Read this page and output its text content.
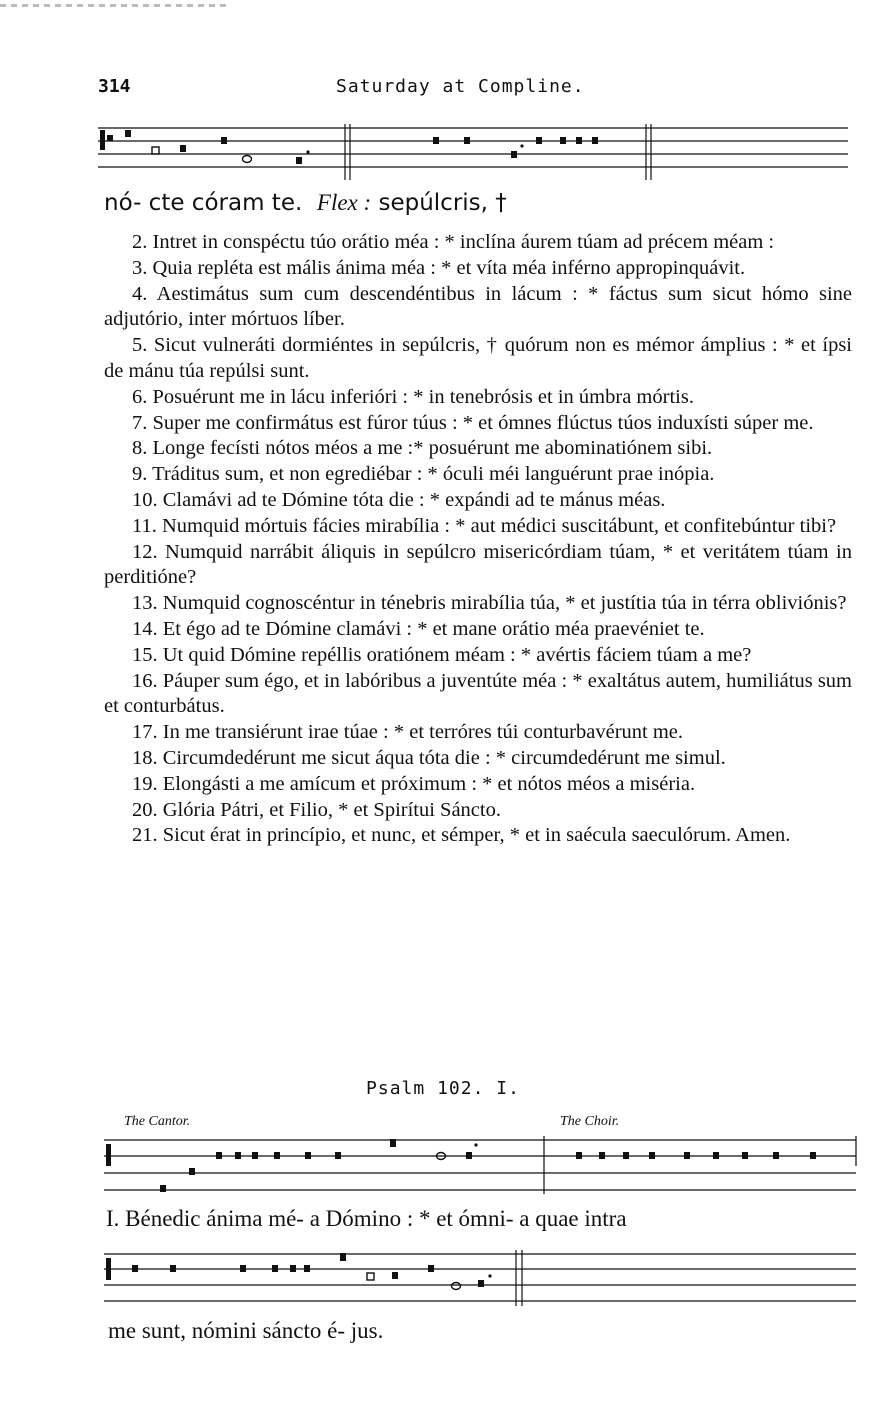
314	Saturday at Compline.
nó- cte córam te. Flex : sepúlcris, †

2. Intret in conspéctu túo orátio méa : * inclína áurem túam ad précem méam :

3. Quia repléta est mális ánima méa : * et víta méa inférno appropinquávit.

4. Aestimátus sum cum descendéntibus in lácum : * fáctus sum sicut hómo sine adjutório, inter mórtuos líber.

5. Sicut vulneráti dormiéntes in sepúlcris, † quórum non es mémor ámplius : * et ípsi de mánu túa repúlsi sunt.

6. Posuérunt me in lácu inferióri : * in tenebrósis et in úmbra mórtis.

7. Super me confirmátus est fúror túus : * et ómnes flúctus túos induxísti súper me.

8. Longe fecísti nótos méos a me :* posuérunt me abominatiónem sibi.

9. Tráditus sum, et non egrediébar : * óculi méi languérunt prae inópia.

10. Clamávi ad te Dómine tóta die : * expándi ad te mánus méas.

11. Numquid mórtuis fácies mirabília : * aut médici suscitábunt, et confitebúntur tibi?

12. Numquid narrábit áliquis in sepúlcro misericórdiam túam, * et veritátem túam in perditióne?

13. Numquid cognoscéntur in ténebris mirabília túa, * et justítia túa in térra obliviónis?

14. Et égo ad te Dómine clamávi : * et mane orátio méa praevéniet te.

15. Ut quid Dómine repéllis oratiónem méam : * avértis fáciem túam a me?

16. Páuper sum égo, et in labóribus a juventúte méa : * exaltátus autem, humiliátus sum et conturbátus.

17. In me transiérunt irae túae : * et terróres túi conturbavérunt me.

18. Circumdedérunt me sicut áqua tóta die : * circumdedérunt me simul.

19. Elongásti a me amícum et próximum : * et nótos méos a miséria.

20. Glória Pátri, et Filio, * et Spirítui Sáncto.

21. Sicut érat in princípio, et nunc, et sémper, * et in saécula saeculórum. Amen.

Psalm 102. I.
The Cantor.	The Choir.
I. Bénedic ánima mé- a Dómino : * et ómni- a quae intra
me sunt, nómini sáncto é- jus.
